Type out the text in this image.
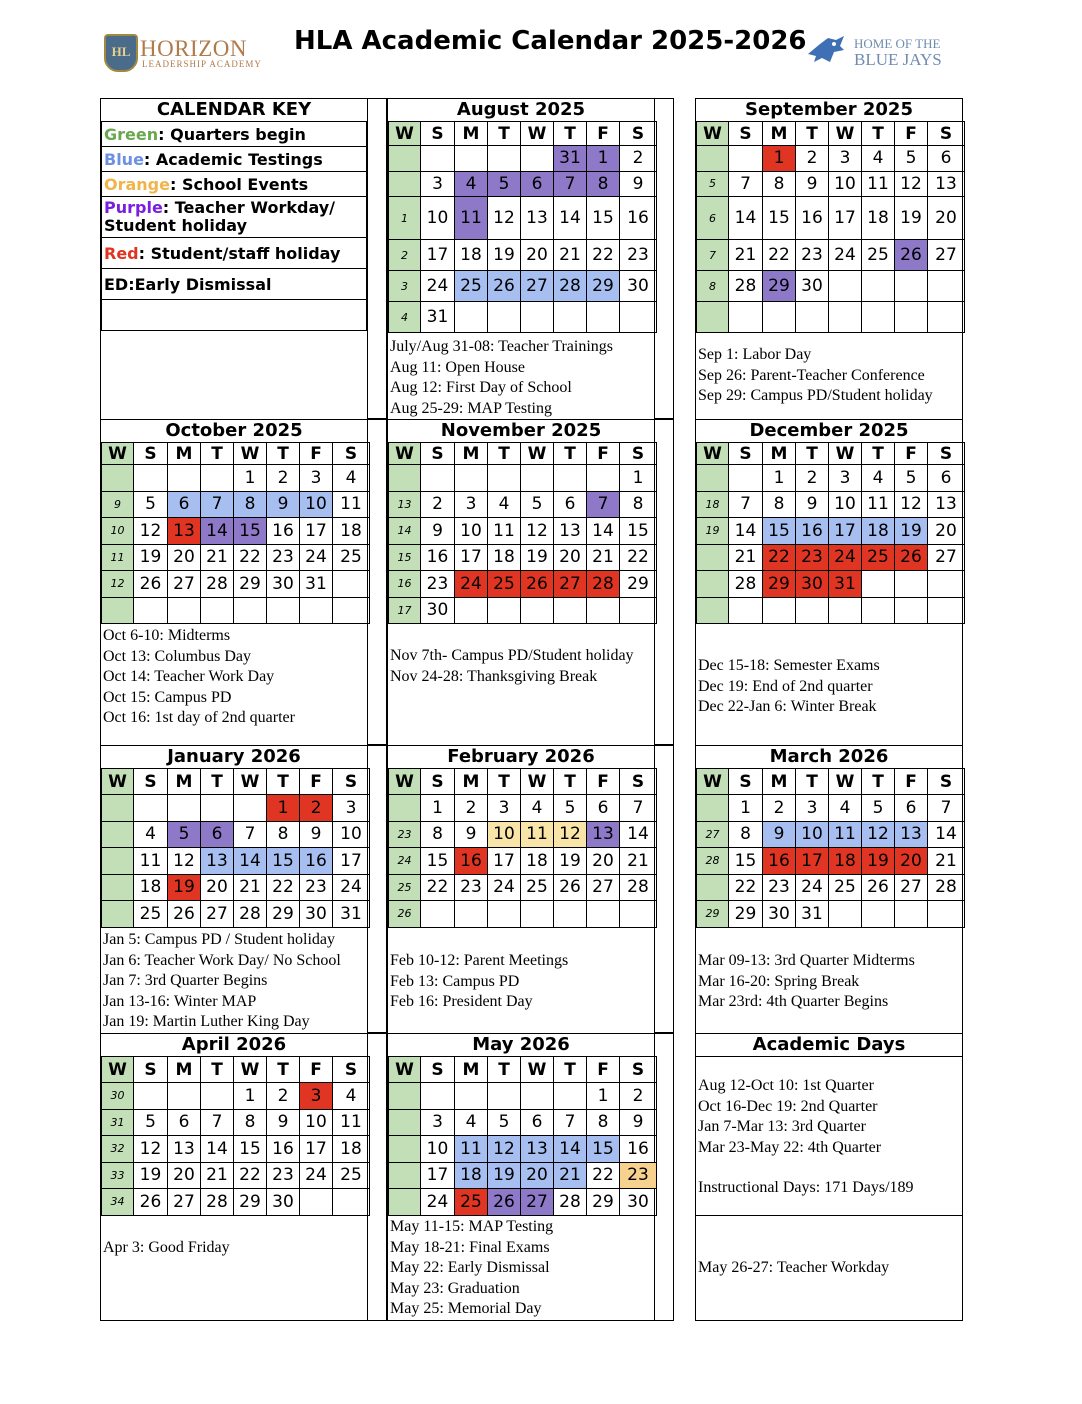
HL HORIZON
LEADERSHIP ACADEMY
HLA Academic Calendar 2025-2026	HOME OF THE
BLUE JAYS
CALENDAR KEY
Green: Quarters begin
Blue: Academic Testings
Orange: School Events
Purple: Teacher Workday/ Student holiday
Red: Student/staff holiday
ED:Early Dismissal

August 2025
W	S	M	T	W	T	F	S
					31	1	2
	3	4	5	6	7	8	9
1	10	11	12	13	14	15	16
2	17	18	19	20	21	22	23
3	24	25	26	27	28	29	30
4	31						
July/Aug 31-08: Teacher Trainings
Aug 11: Open House
Aug 12: First Day of School
Aug 25-29: MAP Testing
September 2025
W	S	M	T	W	T	F	S
		1	2	3	4	5	6
5	7	8	9	10	11	12	13
6	14	15	16	17	18	19	20
7	21	22	23	24	25	26	27
8	28	29	30				

Sep 1: Labor Day
Sep 26: Parent-Teacher Conference
Sep 29: Campus PD/Student holiday
October 2025
W	S	M	T	W	T	F	S
				1	2	3	4
9	5	6	7	8	9	10	11
10	12	13	14	15	16	17	18
11	19	20	21	22	23	24	25
12	26	27	28	29	30	31	

Oct 6-10: Midterms
Oct 13: Columbus Day
Oct 14: Teacher Work Day
Oct 15: Campus PD
Oct 16: 1st day of 2nd quarter
November 2025
W	S	M	T	W	T	F	S
							1
13	2	3	4	5	6	7	8
14	9	10	11	12	13	14	15
15	16	17	18	19	20	21	22
16	23	24	25	26	27	28	29
17	30						
Nov 7th- Campus PD/Student holiday
Nov 24-28: Thanksgiving Break
December 2025
W	S	M	T	W	T	F	S
		1	2	3	4	5	6
18	7	8	9	10	11	12	13
19	14	15	16	17	18	19	20
	21	22	23	24	25	26	27
	28	29	30	31			

Dec 15-18: Semester Exams
Dec 19: End of 2nd quarter
Dec 22-Jan 6: Winter Break
January 2026
W	S	M	T	W	T	F	S
					1	2	3
	4	5	6	7	8	9	10
	11	12	13	14	15	16	17
	18	19	20	21	22	23	24
	25	26	27	28	29	30	31
Jan 5: Campus PD / Student holiday
Jan 6: Teacher Work Day/ No School
Jan 7: 3rd Quarter Begins
Jan 13-16: Winter MAP
Jan 19: Martin Luther King Day
February 2026
W	S	M	T	W	T	F	S
	1	2	3	4	5	6	7
23	8	9	10	11	12	13	14
24	15	16	17	18	19	20	21
25	22	23	24	25	26	27	28
26							
Feb 10-12: Parent Meetings
Feb 13: Campus PD
Feb 16: President Day
March 2026
W	S	M	T	W	T	F	S
	1	2	3	4	5	6	7
27	8	9	10	11	12	13	14
28	15	16	17	18	19	20	21
	22	23	24	25	26	27	28
29	29	30	31				
Mar 09-13: 3rd Quarter Midterms
Mar 16-20: Spring Break
Mar 23rd: 4th Quarter Begins
April 2026
W	S	M	T	W	T	F	S
30				1	2	3	4
31	5	6	7	8	9	10	11
32	12	13	14	15	16	17	18
33	19	20	21	22	23	24	25
34	26	27	28	29	30		
Apr 3: Good Friday
May 2026
W	S	M	T	W	T	F	S
						1	2
	3	4	5	6	7	8	9
	10	11	12	13	14	15	16
	17	18	19	20	21	22	23
	24	25	26	27	28	29	30
May 11-15: MAP Testing
May 18-21: Final Exams
May 22: Early Dismissal
May 23: Graduation
May 25: Memorial Day
Academic Days
Aug 12-Oct 10: 1st Quarter
Oct 16-Dec 19: 2nd Quarter
Jan 7-Mar 13: 3rd Quarter
Mar 23-May 22: 4th Quarter
Instructional Days: 171 Days/189
May 26-27: Teacher Workday
